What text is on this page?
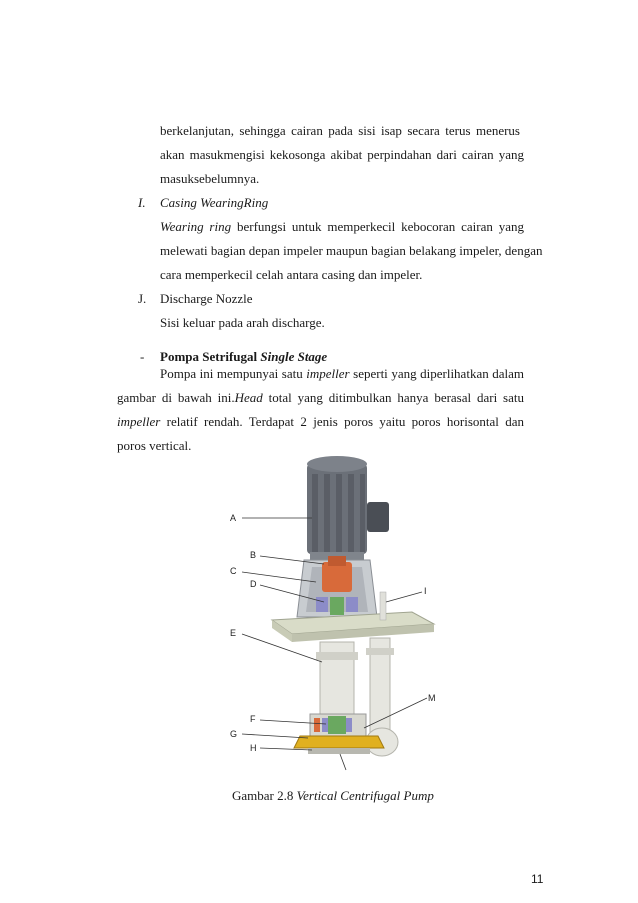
berkelanjutan, sehingga cairan pada sisi isap secara terus menerus
akan masukmengisi kekosonga akibat perpindahan dari cairan yang
masuksebelumnya.
I. Casing WearingRing
Wearing ring berfungsi untuk memperkecil kebocoran cairan yang
melewati bagian depan impeler maupun bagian belakang impeler, dengan
cara memperkecil celah antara casing dan impeler.
J. Discharge Nozzle
Sisi keluar pada arah discharge.
- Pompa Setrifugal Single Stage
Pompa ini mempunyai satu impeller seperti yang diperlihatkan dalam
gambar di bawah ini.Head total yang ditimbulkan hanya berasal dari satu
impeller relatif rendah. Terdapat 2 jenis poros yaitu poros horisontal dan
poros vertical.
A
B
C
D
E
F
G
H
M
I
Gambar 2.8 Vertical Centrifugal Pump
11
